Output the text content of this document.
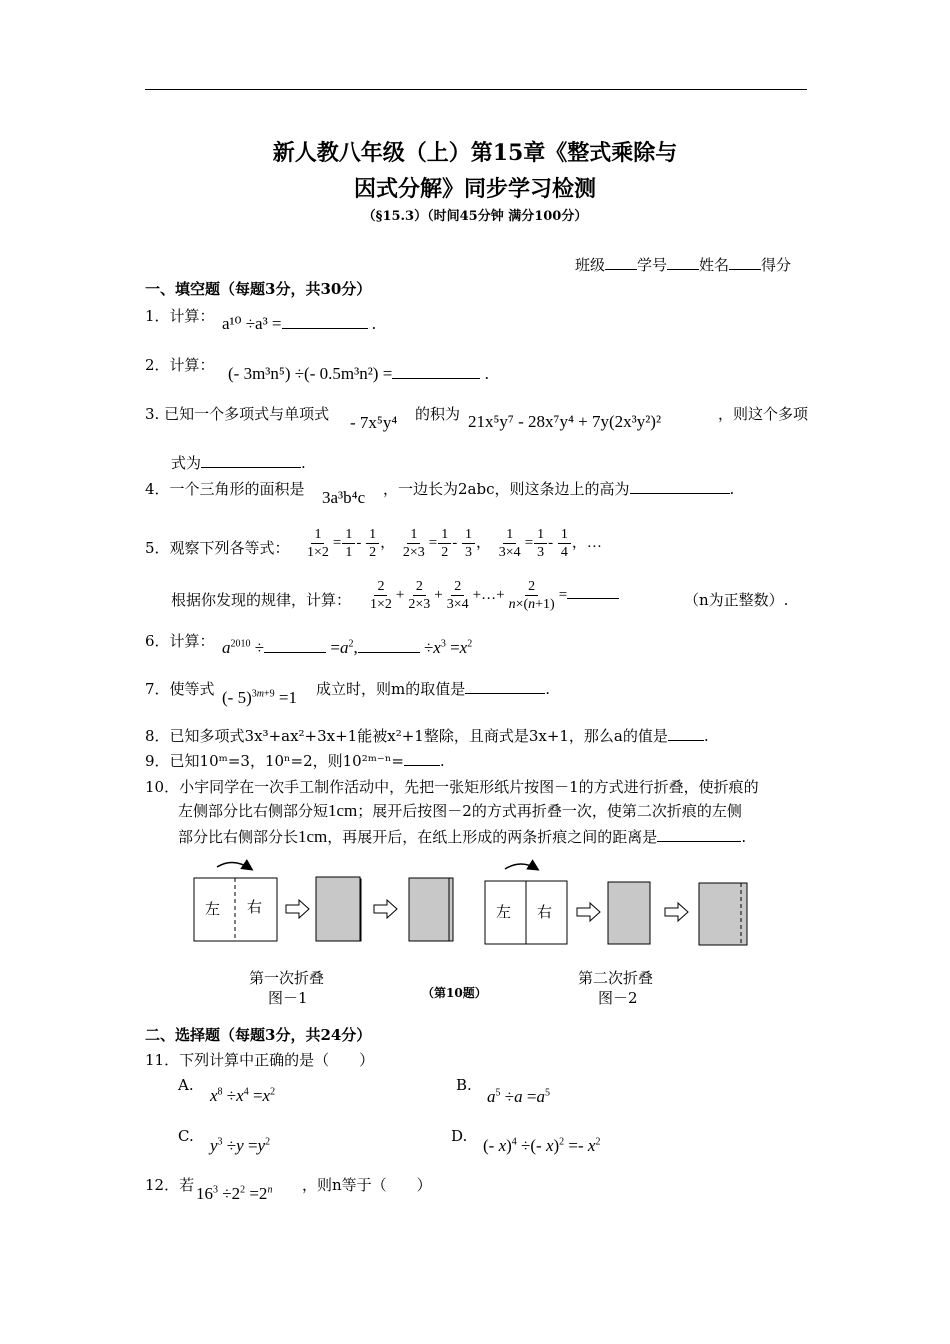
新人教八年级（上）第15章《整式乘除与
因式分解》同步学习检测
（§15.3）（时间45分钟 满分100分）
班级 学号 姓名 得分
一、填空题（每题3分，共30分）
1．计算： a¹⁰ ÷a³ =	.
2．计算： (- 3m³n⁵) ÷(- 0.5m³n²) =	.
3. 已知一个多项式与单项式 - 7x⁵y⁴ 的积为 21x⁵y⁷ - 28x⁷y⁴ + 7y(2x³y²)²	，则这个多项
式为	.
4．一个三角形的面积是 3a³b⁴c ，一边长为2abc，则这条边上的高为	.
5．观察下列各等式： $\frac{1}{1\times 2} = \frac{1}{1} - \frac{1}{2}$ ， $\frac{1}{2\times 3} = \frac{1}{2} - \frac{1}{3}$ ， $\frac{1}{3\times 4} = \frac{1}{3} - \frac{1}{4}$ ，…
根据你发现的规律，计算： $\frac{2}{1\times 2} + \frac{2}{2\times 3} + \frac{2}{3\times 4}$ +…+ $\frac{2}{n\times(n+1)}$ =	（n为正整数）.
6．计算： $a^{2010}$ ÷	$=a^2$,	$\div x^3 =x^2$
7．使等式 (- 5)$^{3m+9}$ =1 成立时，则m的取值是	.
8．已知多项式3x³+ax²+3x+1能被x²+1整除，且商式是3x+1，那么a的值是 .
9．已知10ᵐ=3，10ⁿ=2，则10²ᵐ⁻ⁿ= .
10．小宇同学在一次手工制作活动中，先把一张矩形纸片按图－1的方式进行折叠，使折痕的
左侧部分比右侧部分短1cm；展开后按图－2的方式再折叠一次，使第二次折痕的左侧
部分比右侧部分长1cm，再展开后，在纸上形成的两条折痕之间的距离是	.
左 右	左 右
第一次折叠
图－1	（第10题）
第二次折叠
图－2
二、选择题（每题3分，共24分）
11．下列计算中正确的是（　　）
A.
$x^8 \div x^4 =x^2$	B.
$a^5 \div a =a^5$
C. $y^3 \div y =y^2$	D. (- x)$^4$ ÷(- $x)^2 =- x^2$
12．若 $16^3 \div 2^2 =2^n$ ，则n等于（　　）
